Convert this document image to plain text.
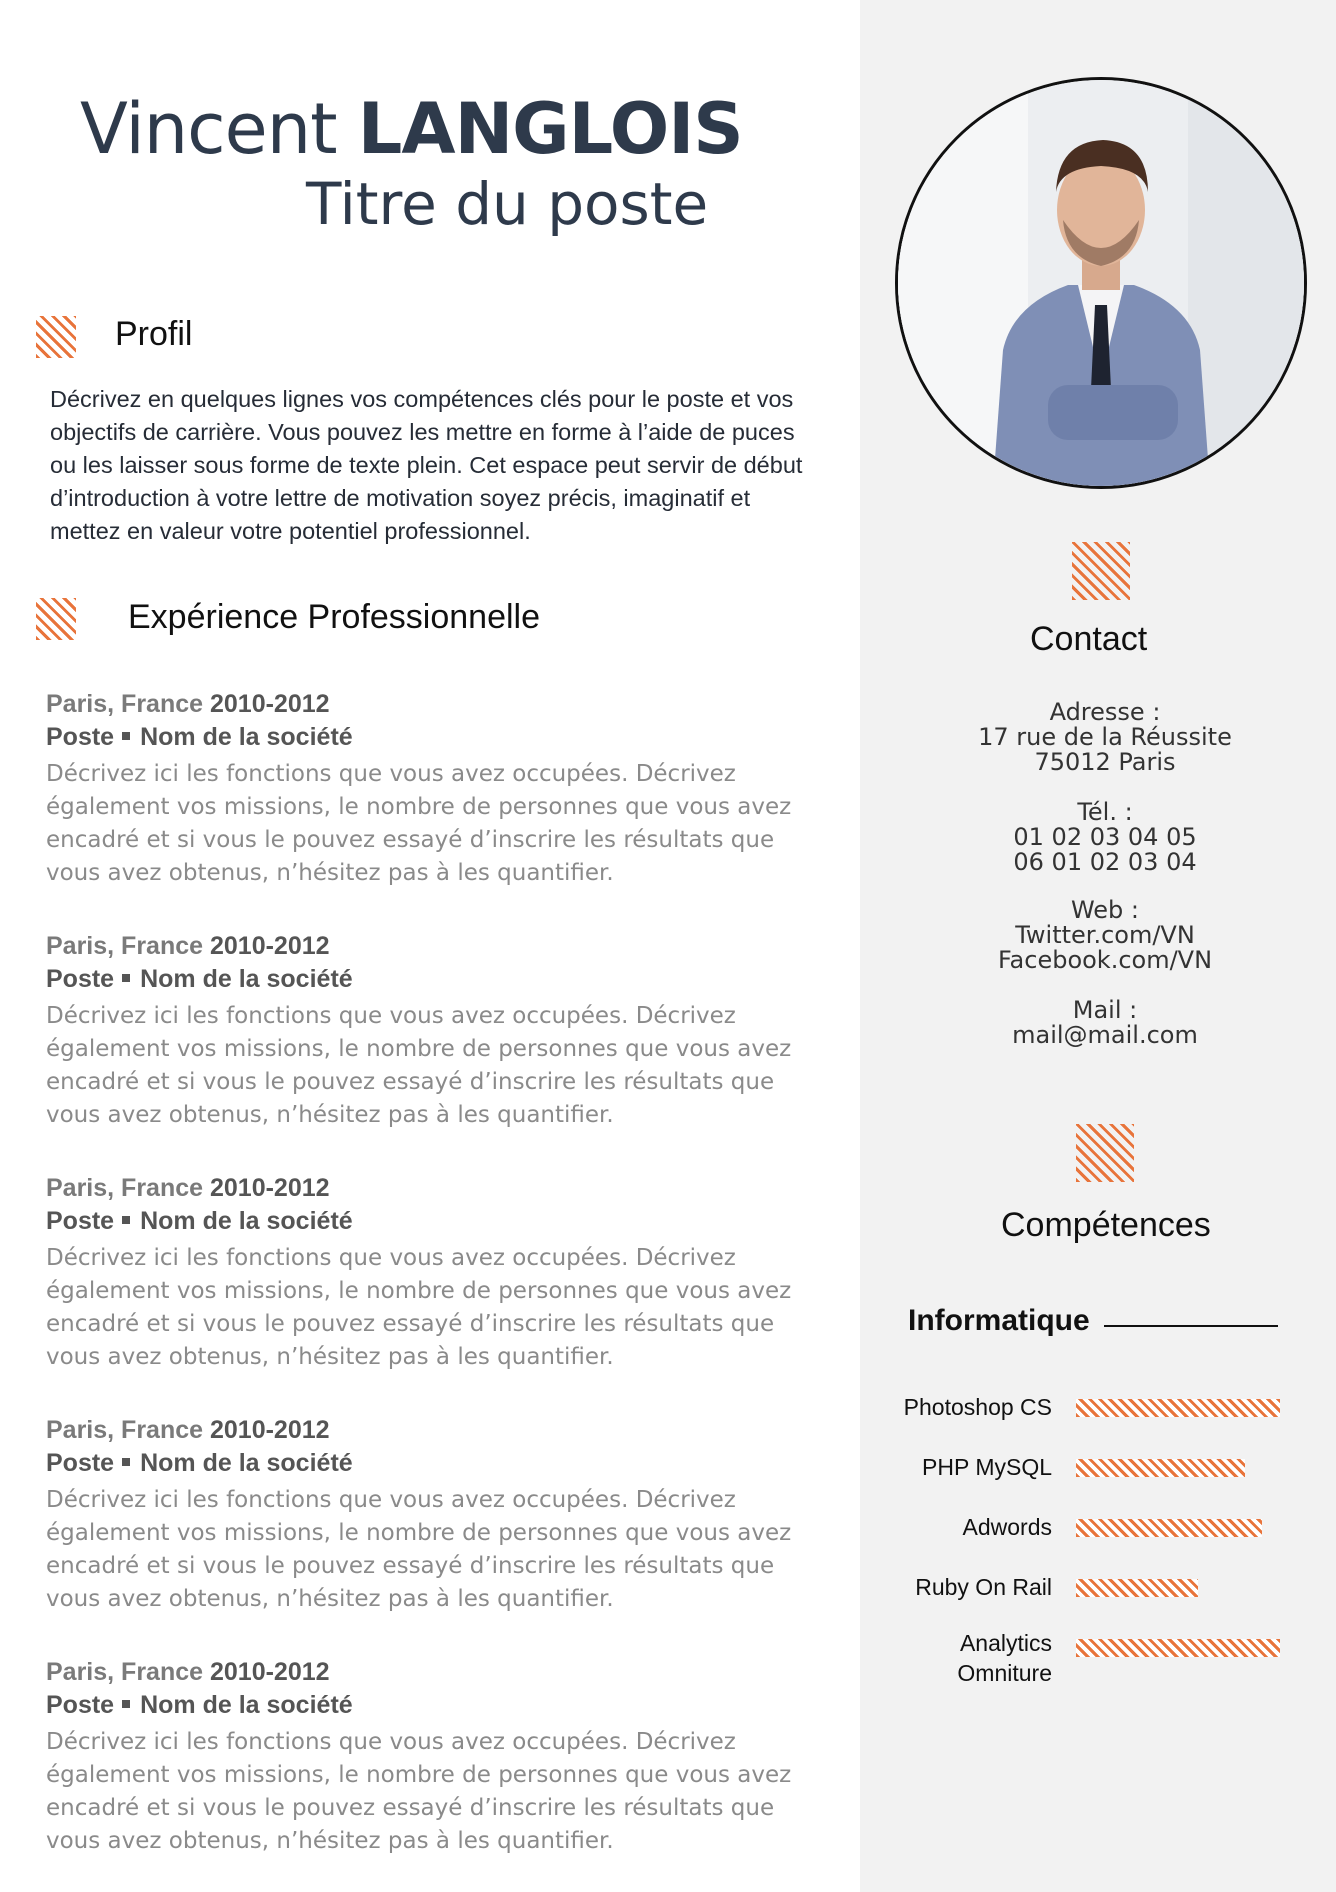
Vincent LANGLOIS
Titre du poste
Profil
Décrivez en quelques lignes vos compétences clés pour le poste et vos objectifs de carrière. Vous pouvez les mettre en forme à l’aide de puces ou les laisser sous forme de texte plein. Cet espace peut servir de début d’introduction à votre lettre de motivation soyez précis, imaginatif et mettez en valeur votre potentiel professionnel.
Expérience Professionnelle
Paris, France 2010-2012
Poste Nom de la société
Décrivez ici les fonctions que vous avez occupées. Décrivez également vos missions, le nombre de personnes que vous avez encadré et si vous le pouvez essayé d’inscrire les résultats que vous avez obtenus, n’hésitez pas à les quantifier.
Paris, France 2010-2012
Poste Nom de la société
Décrivez ici les fonctions que vous avez occupées. Décrivez également vos missions, le nombre de personnes que vous avez encadré et si vous le pouvez essayé d’inscrire les résultats que vous avez obtenus, n’hésitez pas à les quantifier.
Paris, France 2010-2012
Poste Nom de la société
Décrivez ici les fonctions que vous avez occupées. Décrivez également vos missions, le nombre de personnes que vous avez encadré et si vous le pouvez essayé d’inscrire les résultats que vous avez obtenus, n’hésitez pas à les quantifier.
Paris, France 2010-2012
Poste Nom de la société
Décrivez ici les fonctions que vous avez occupées. Décrivez également vos missions, le nombre de personnes que vous avez encadré et si vous le pouvez essayé d’inscrire les résultats que vous avez obtenus, n’hésitez pas à les quantifier.
Paris, France 2010-2012
Poste Nom de la société
Décrivez ici les fonctions que vous avez occupées. Décrivez également vos missions, le nombre de personnes que vous avez encadré et si vous le pouvez essayé d’inscrire les résultats que vous avez obtenus, n’hésitez pas à les quantifier.
Contact
Adresse :
17 rue de la Réussite
75012 Paris
Tél. :
01 02 03 04 05
06 01 02 03 04
Web :
Twitter.com/VN
Facebook.com/VN
Mail :
mail@mail.com
Compétences
Informatique
Photoshop CS
PHP MySQL
Adwords
Ruby On Rail
Analytics Omniture
